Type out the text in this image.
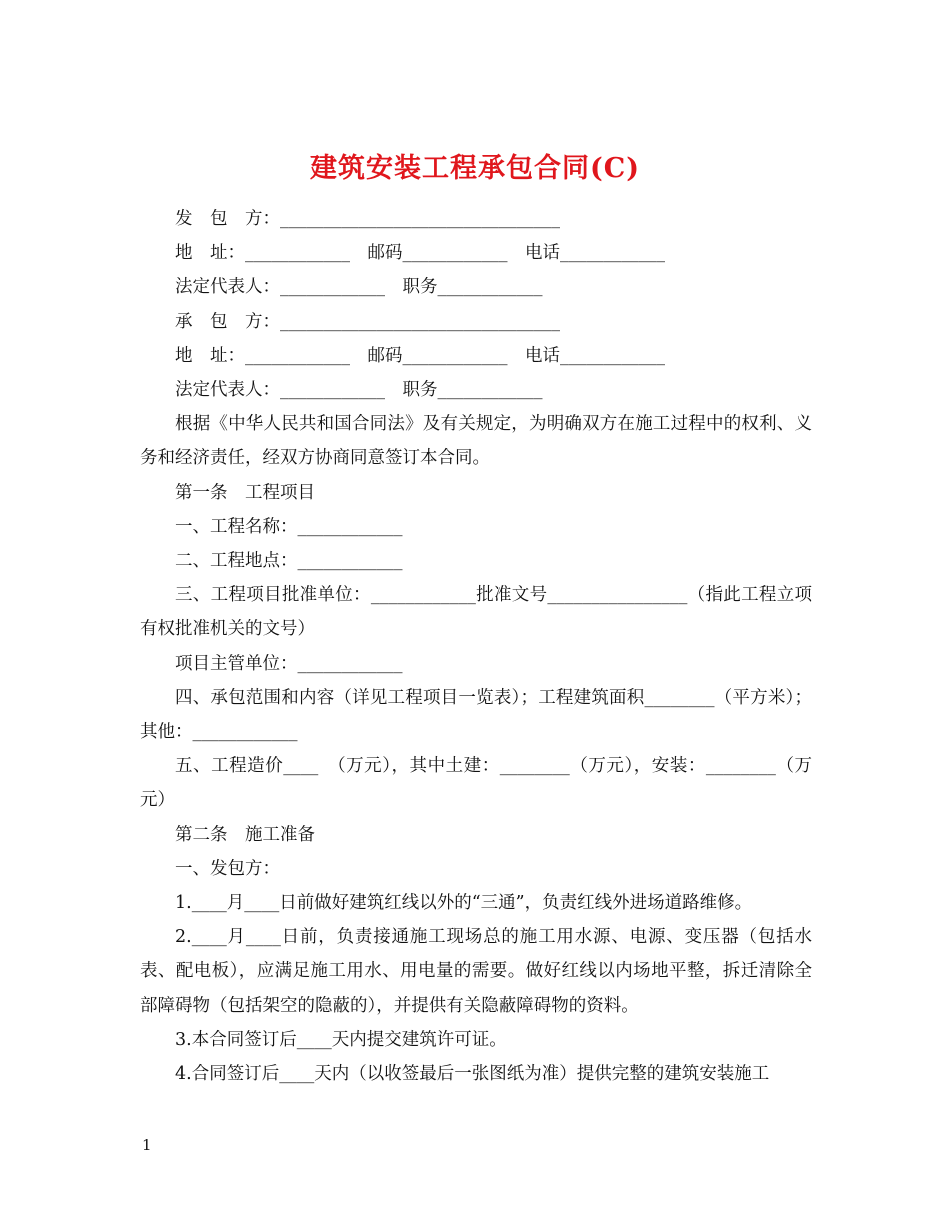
建筑安装工程承包合同(C)

发　包　方：________________________________

地　址：____________　邮码____________　电话____________

法定代表人：____________　职务____________

承　包　方：________________________________

地　址：____________　邮码____________　电话____________

法定代表人：____________　职务____________

根据《中华人民共和国合同法》及有关规定，为明确双方在施工过程中的权利、义务和经济责任，经双方协商同意签订本合同。

第一条　工程项目

一、工程名称：____________

二、工程地点：____________

三、工程项目批准单位：____________批准文号________________（指此工程立项有权批准机关的文号）

项目主管单位：____________

四、承包范围和内容（详见工程项目一览表）；工程建筑面积________（平方米）；其他：____________

五、工程造价____　（万元），其中土建：________（万元），安装：________（万元）

第二条　施工准备

一、发包方：

1.____月____日前做好建筑红线以外的“三通”，负责红线外进场道路维修。

2.____月____日前，负责接通施工现场总的施工用水源、电源、变压器（包括水表、配电板），应满足施工用水、用电量的需要。做好红线以内场地平整，拆迁清除全部障碍物（包括架空的隐蔽的），并提供有关隐蔽障碍物的资料。

3.本合同签订后____天内提交建筑许可证。

4.合同签订后____天内（以收签最后一张图纸为准）提供完整的建筑安装施工

1
